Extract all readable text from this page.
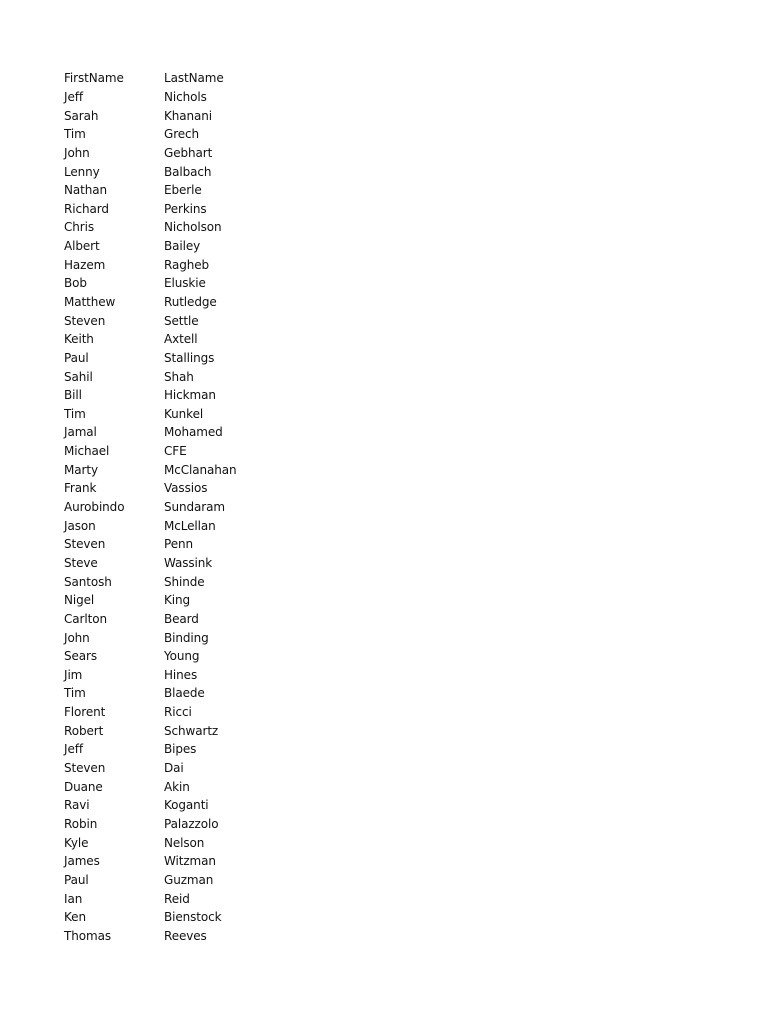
FirstName	LastName
Jeff	Nichols
Sarah	Khanani
Tim	Grech
John	Gebhart
Lenny	Balbach
Nathan	Eberle
Richard	Perkins
Chris	Nicholson
Albert	Bailey
Hazem	Ragheb
Bob	Eluskie
Matthew	Rutledge
Steven	Settle
Keith	Axtell
Paul	Stallings
Sahil	Shah
Bill	Hickman
Tim	Kunkel
Jamal	Mohamed
Michael	CFE
Marty	McClanahan
Frank	Vassios
Aurobindo	Sundaram
Jason	McLellan
Steven	Penn
Steve	Wassink
Santosh	Shinde
Nigel	King
Carlton	Beard
John	Binding
Sears	Young
Jim	Hines
Tim	Blaede
Florent	Ricci
Robert	Schwartz
Jeff	Bipes
Steven	Dai
Duane	Akin
Ravi	Koganti
Robin	Palazzolo
Kyle	Nelson
James	Witzman
Paul	Guzman
Ian	Reid
Ken	Bienstock
Thomas	Reeves
